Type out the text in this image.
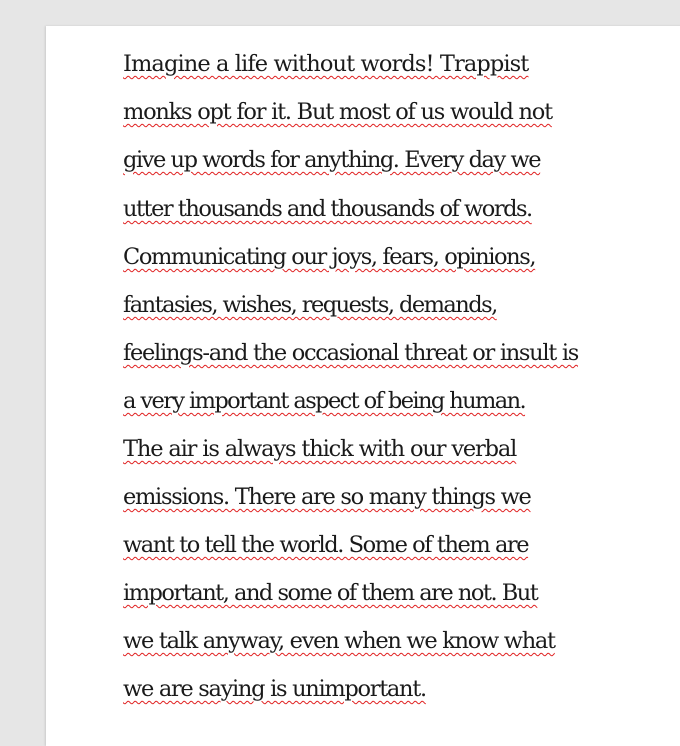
Imagine a life without words! Trappist
monks opt for it. But most of us would not
give up words for anything. Every day we
utter thousands and thousands of words.
Communicating our joys, fears, opinions,
fantasies, wishes, requests, demands,
feelings-and the occasional threat or insult is
a very important aspect of being human.
The air is always thick with our verbal
emissions. There are so many things we
want to tell the world. Some of them are
important, and some of them are not. But
we talk anyway, even when we know what
we are saying is unimportant.
